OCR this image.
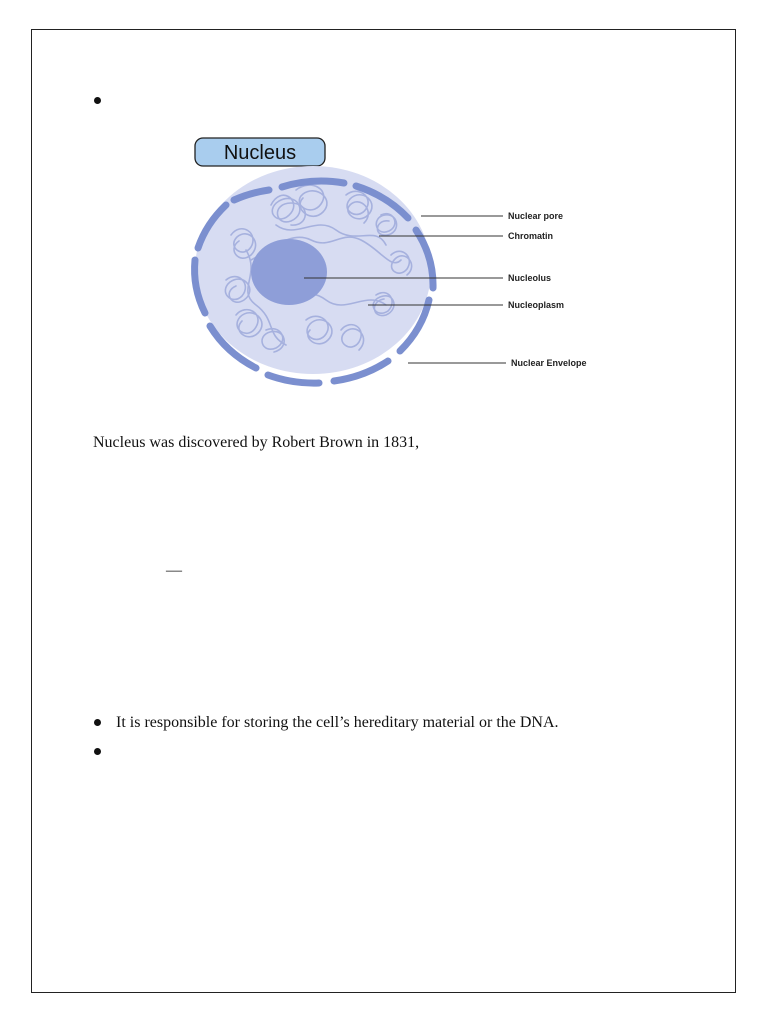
Nucleus
Nuclear pore
Chromatin
Nucleolus
Nucleoplasm
Nuclear Envelope
Nucleus was discovered by Robert Brown in 1831,
—
It is responsible for storing the cell’s hereditary material or the DNA.
